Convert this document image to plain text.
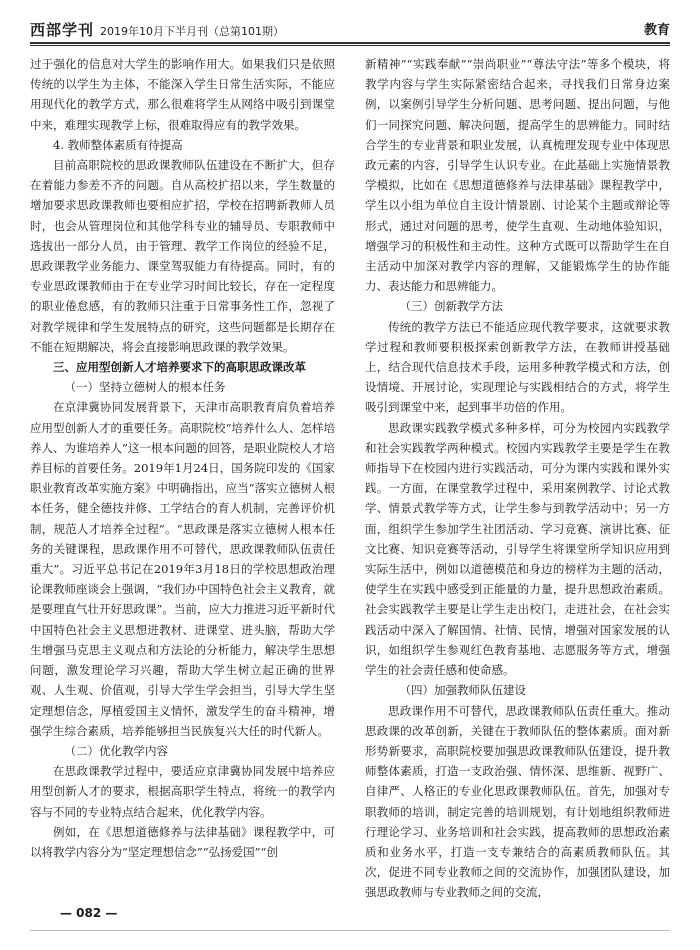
西部学刊 2019年10月下半月刊（总第101期）	教育

过于强化的信息对大学生的影响作用大。如果我们只是依照传统的以学生为主体，不能深入学生日常生活实际，不能应用现代化的教学方式，那么很难将学生从网络中吸引到课堂中来，难理实现教学上标，很难取得应有的教学效果。

4. 教师整体素质有待提高

目前高职院校的思政课教师队伍建设在不断扩大，但存在着能力参差不齐的问题。自从高校扩招以来，学生数量的增加要求思政课教师也要相应扩招，学校在招聘新教师人员时，也会从管理岗位和其他学科专业的辅导员、专职教师中选拔出一部分人员，由于管理、教学工作岗位的经验不足，思政课教学业务能力、课堂驾驭能力有待提高。同时，有的专业思政课教师由于在专业学习时间比较长，存在一定程度的职业倦怠感，有的教师只注重于日常事务性工作，忽视了对教学规律和学生发展特点的研究，这些问题都是长期存在不能在短期解决，将会直接影响思政课的教学效果。

三、应用型创新人才培养要求下的高职思政课改革
（一）坚持立德树人的根本任务

在京津冀协同发展背景下，天津市高职教育肩负着培养应用型创新人才的重要任务。高职院校“培养什么人、怎样培养人、为谁培养人”这一根本问题的回答，是职业院校人才培养目标的首要任务。2019年1月24日，国务院印发的《国家职业教育改革实施方案》中明确指出，应当“落实立德树人根本任务，健全德技并修、工学结合的育人机制，完善评价机制，规范人才培养全过程”。“思政课是落实立德树人根本任务的关键课程，思政课作用不可替代，思政课教师队伍责任重大”。习近平总书记在2019年3月18日的学校思想政治理论课教师座谈会上强调，“我们办中国特色社会主义教育，就是要理直气壮开好思政课”。当前，应大力推进习近平新时代中国特色社会主义思想进教材、进课堂、进头脑，帮助大学生增强马克思主义观点和方法论的分析能力，解决学生思想问题，激发理论学习兴趣，帮助大学生树立起正确的世界观、人生观、价值观，引导大学生学会担当，引导大学生坚定理想信念，厚植爱国主义情怀，激发学生的奋斗精神，增强学生综合素质，培养能够担当民族复兴大任的时代新人。

（二）优化教学内容

在思政课教学过程中，要适应京津冀协同发展中培养应用型创新人才的要求，根据高职学生特点，将统一的教学内容与不同的专业特点结合起来，优化教学内容。

例如，在《思想道德修养与法律基础》课程教学中，可以将教学内容分为“坚定理想信念”“弘扬爱国”“创

新精神”“实践奉献”“崇尚职业”“尊法守法”等多个模块，将教学内容与学生实际紧密结合起来，寻找我们日常身边案例，以案例引导学生分析问题、思考问题、提出问题，与他们一同探究问题、解决问题，提高学生的思辨能力。同时结合学生的专业背景和职业发展，认真梳理发现专业中体现思政元素的内容，引导学生认识专业。在此基础上实施情景教学模拟，比如在《思想道德修养与法律基础》课程教学中，学生以小组为单位自主设计情景剧、讨论某个主题或辩论等形式，通过对问题的思考，使学生直观、生动地体验知识，增强学习的积极性和主动性。这种方式既可以帮助学生在自主活动中加深对教学内容的理解，又能锻炼学生的协作能力、表达能力和思辨能力。

（三）创新教学方法

传统的教学方法已不能适应现代教学要求，这就要求教学过程和教师要积极探索创新教学方法，在教师讲授基础上，结合现代信息技术手段，运用多种教学模式和方法，创设情境、开展讨论，实现理论与实践相结合的方式，将学生吸引到课堂中来，起到事半功倍的作用。

思政课实践教学模式多种多样，可分为校园内实践教学和社会实践教学两种模式。校园内实践教学主要是学生在教师指导下在校园内进行实践活动，可分为课内实践和课外实践。一方面，在课堂教学过程中，采用案例教学、讨论式教学、情景式教学等方式，让学生参与到教学活动中；另一方面，组织学生参加学生社团活动、学习竞赛、演讲比赛、征文比赛、知识竞赛等活动，引导学生将课堂所学知识应用到实际生活中，例如以道德模范和身边的榜样为主题的活动，使学生在实践中感受到正能量的力量，提升思想政治素质。社会实践教学主要是让学生走出校门，走进社会，在社会实践活动中深入了解国情、社情、民情，增强对国家发展的认识，如组织学生参观红色教育基地、志愿服务等方式，增强学生的社会责任感和使命感。

（四）加强教师队伍建设

思政课作用不可替代，思政课教师队伍责任重大。推动思政课的改革创新，关键在于教师队伍的整体素质。面对新形势新要求，高职院校要加强思政课教师队伍建设，提升教师整体素质，打造一支政治强、情怀深、思维新、视野广、自律严、人格正的专业化思政课教师队伍。首先，加强对专职教师的培训，制定完善的培训规划，有计划地组织教师进行理论学习、业务培训和社会实践，提高教师的思想政治素质和业务水平，打造一支专兼结合的高素质教师队伍。其次，促进不同专业教师之间的交流协作，加强团队建设，加强思政教师与专业教师之间的交流，

— 082 —
